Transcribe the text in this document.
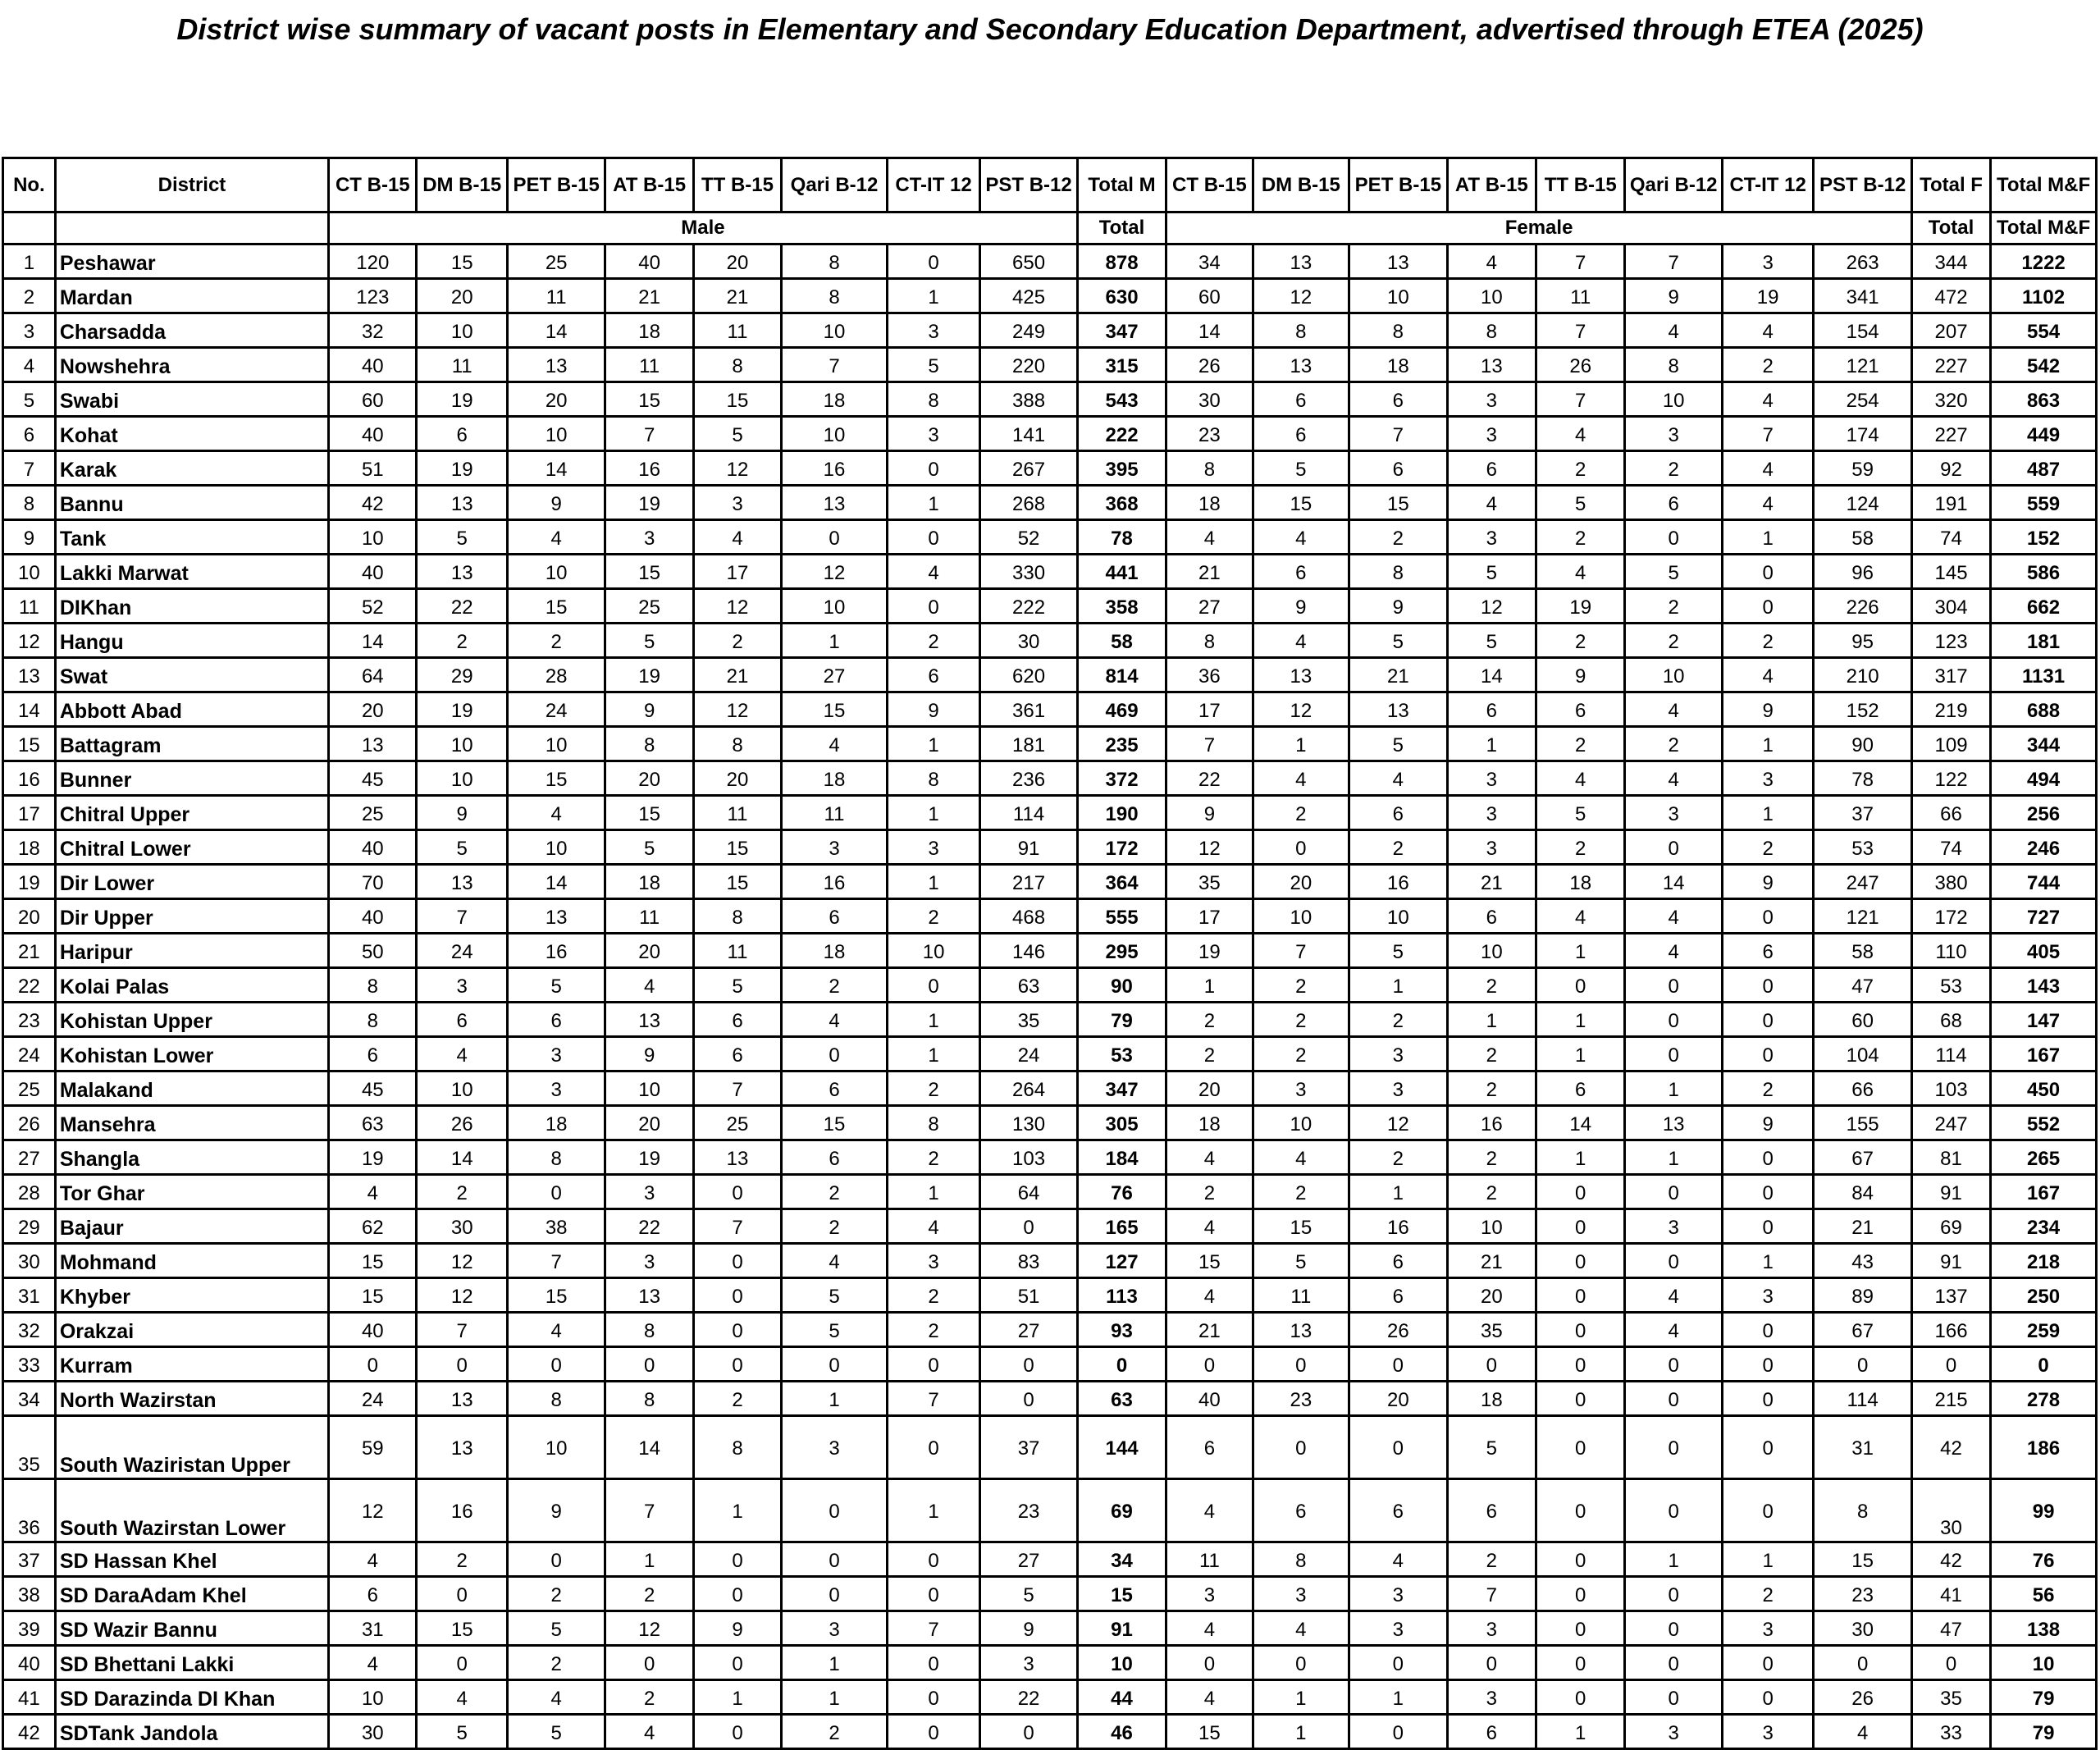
District wise summary of vacant posts in Elementary and Secondary Education Department, advertised through ETEA (2025)
No.	District	CT B-15	DM B-15	PET B-15	AT B-15	TT B-15	Qari B-12	CT-IT 12	PST B-12	Total M	CT B-15	DM B-15	PET B-15	AT B-15	TT B-15	Qari B-12	CT-IT 12	PST B-12	Total F	Total M&F
		Male								Total	Female								Total	Total M&F
1	Peshawar	120	15	25	40	20	8	0	650	878	34	13	13	4	7	7	3	263	344	1222
2	Mardan	123	20	11	21	21	8	1	425	630	60	12	10	10	11	9	19	341	472	1102
3	Charsadda	32	10	14	18	11	10	3	249	347	14	8	8	8	7	4	4	154	207	554
4	Nowshehra	40	11	13	11	8	7	5	220	315	26	13	18	13	26	8	2	121	227	542
5	Swabi	60	19	20	15	15	18	8	388	543	30	6	6	3	7	10	4	254	320	863
6	Kohat	40	6	10	7	5	10	3	141	222	23	6	7	3	4	3	7	174	227	449
7	Karak	51	19	14	16	12	16	0	267	395	8	5	6	6	2	2	4	59	92	487
8	Bannu	42	13	9	19	3	13	1	268	368	18	15	15	4	5	6	4	124	191	559
9	Tank	10	5	4	3	4	0	0	52	78	4	4	2	3	2	0	1	58	74	152
10	Lakki Marwat	40	13	10	15	17	12	4	330	441	21	6	8	5	4	5	0	96	145	586
11	DIKhan	52	22	15	25	12	10	0	222	358	27	9	9	12	19	2	0	226	304	662
12	Hangu	14	2	2	5	2	1	2	30	58	8	4	5	5	2	2	2	95	123	181
13	Swat	64	29	28	19	21	27	6	620	814	36	13	21	14	9	10	4	210	317	1131
14	Abbott Abad	20	19	24	9	12	15	9	361	469	17	12	13	6	6	4	9	152	219	688
15	Battagram	13	10	10	8	8	4	1	181	235	7	1	5	1	2	2	1	90	109	344
16	Bunner	45	10	15	20	20	18	8	236	372	22	4	4	3	4	4	3	78	122	494
17	Chitral Upper	25	9	4	15	11	11	1	114	190	9	2	6	3	5	3	1	37	66	256
18	Chitral Lower	40	5	10	5	15	3	3	91	172	12	0	2	3	2	0	2	53	74	246
19	Dir Lower	70	13	14	18	15	16	1	217	364	35	20	16	21	18	14	9	247	380	744
20	Dir Upper	40	7	13	11	8	6	2	468	555	17	10	10	6	4	4	0	121	172	727
21	Haripur	50	24	16	20	11	18	10	146	295	19	7	5	10	1	4	6	58	110	405
22	Kolai Palas	8	3	5	4	5	2	0	63	90	1	2	1	2	0	0	0	47	53	143
23	Kohistan Upper	8	6	6	13	6	4	1	35	79	2	2	2	1	1	0	0	60	68	147
24	Kohistan Lower	6	4	3	9	6	0	1	24	53	2	2	3	2	1	0	0	104	114	167
25	Malakand	45	10	3	10	7	6	2	264	347	20	3	3	2	6	1	2	66	103	450
26	Mansehra	63	26	18	20	25	15	8	130	305	18	10	12	16	14	13	9	155	247	552
27	Shangla	19	14	8	19	13	6	2	103	184	4	4	2	2	1	1	0	67	81	265
28	Tor Ghar	4	2	0	3	0	2	1	64	76	2	2	1	2	0	0	0	84	91	167
29	Bajaur	62	30	38	22	7	2	4	0	165	4	15	16	10	0	3	0	21	69	234
30	Mohmand	15	12	7	3	0	4	3	83	127	15	5	6	21	0	0	1	43	91	218
31	Khyber	15	12	15	13	0	5	2	51	113	4	11	6	20	0	4	3	89	137	250
32	Orakzai	40	7	4	8	0	5	2	27	93	21	13	26	35	0	4	0	67	166	259
33	Kurram	0	0	0	0	0	0	0	0	0	0	0	0	0	0	0	0	0	0	0
34	North Wazirstan	24	13	8	8	2	1	7	0	63	40	23	20	18	0	0	0	114	215	278
35	South Waziristan Upper	59	13	10	14	8	3	0	37	144	6	0	0	5	0	0	0	31	42	186
36	South Wazirstan Lower	12	16	9	7	1	0	1	23	69	4	6	6	6	0	0	0	8	30	99
37	SD Hassan Khel	4	2	0	1	0	0	0	27	34	11	8	4	2	0	1	1	15	42	76
38	SD DaraAdam Khel	6	0	2	2	0	0	0	5	15	3	3	3	7	0	0	2	23	41	56
39	SD Wazir Bannu	31	15	5	12	9	3	7	9	91	4	4	3	3	0	0	3	30	47	138
40	SD Bhettani Lakki	4	0	2	0	0	1	0	3	10	0	0	0	0	0	0	0	0	0	10
41	SD Darazinda DI Khan	10	4	4	2	1	1	0	22	44	4	1	1	3	0	0	0	26	35	79
42	SDTank Jandola	30	5	5	4	0	2	0	0	46	15	1	0	6	1	3	3	4	33	79
